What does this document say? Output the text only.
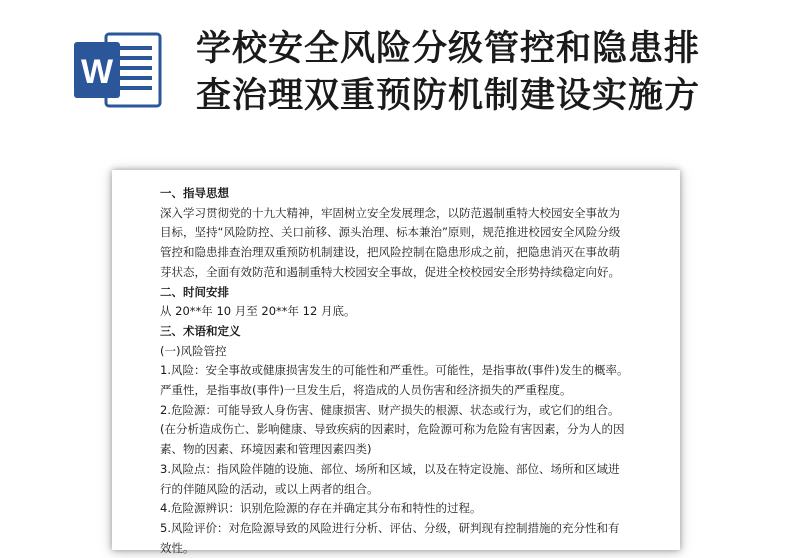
W
学校安全风险分级管控和隐患排
查治理双重预防机制建设实施方
一、指导思想
深入学习贯彻党的十九大精神，牢固树立安全发展理念，以防范遏制重特大校园安全事故为
目标，坚持“风险防控、关口前移、源头治理、标本兼治”原则，规范推进校园安全风险分级
管控和隐患排查治理双重预防机制建设，把风险控制在隐患形成之前，把隐患消灭在事故萌
芽状态，全面有效防范和遏制重特大校园安全事故，促进全校校园安全形势持续稳定向好。
二、时间安排
从 20**年 10 月至 20**年 12 月底。
三、术语和定义
(一)风险管控
1.风险：安全事故或健康损害发生的可能性和严重性。可能性，是指事故(事件)发生的概率。
严重性，是指事故(事件)一旦发生后，将造成的人员伤害和经济损失的严重程度。
2.危险源：可能导致人身伤害、健康损害、财产损失的根源、状态或行为，或它们的组合。
(在分析造成伤亡、影响健康、导致疾病的因素时，危险源可称为危险有害因素，分为人的因
素、物的因素、环境因素和管理因素四类)
3.风险点：指风险伴随的设施、部位、场所和区域，以及在特定设施、部位、场所和区域进
行的伴随风险的活动，或以上两者的组合。
4.危险源辨识：识别危险源的存在并确定其分布和特性的过程。
5.风险评价：对危险源导致的风险进行分析、评估、分级，研判现有控制措施的充分性和有
效性。
